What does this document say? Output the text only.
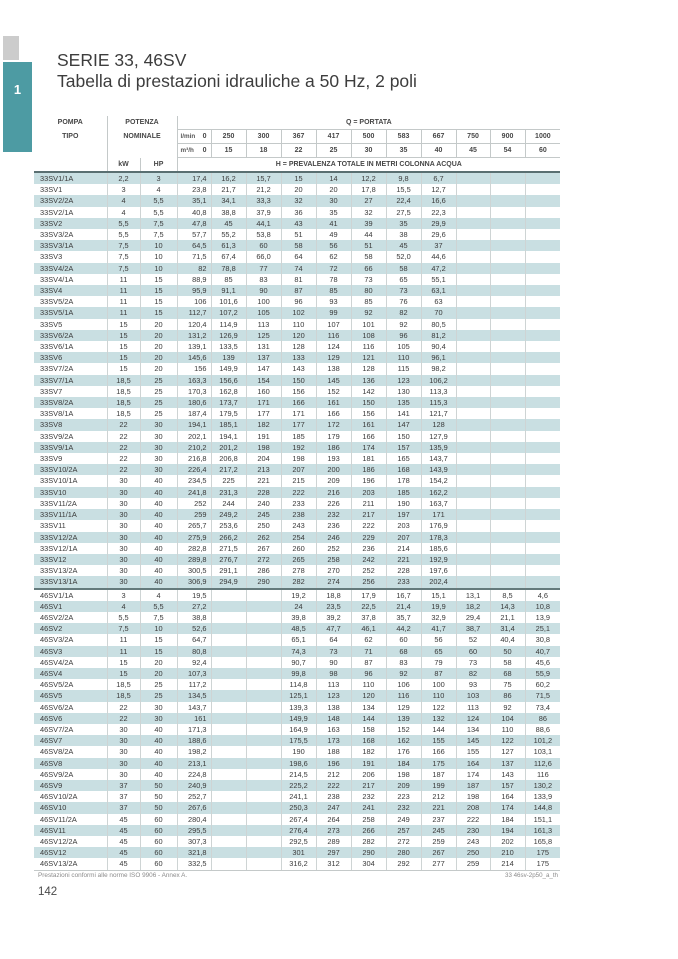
1
SERIE 33, 46SV
Tabella di prestazioni idrauliche a 50 Hz, 2 poli
POMPA	POTENZA		Q = PORTATA										
TIPO	NOMINALE		l/min 0	250	300	367	417	500	583	667	750	900	1000

			m³/h 0	15	18	22	25	30	35	40	45	54	60
	kW	HP	H = PREVALENZA TOTALE IN METRI COLONNA ACQUA										
33SV1/1A	2,2	3	17,4	16,2	15,7	15	14	12,2	9,8	6,7			
33SV1	3	4	23,8	21,7	21,2	20	20	17,8	15,5	12,7			
33SV2/2A	4	5,5	35,1	34,1	33,3	32	30	27	22,4	16,6			
33SV2/1A	4	5,5	40,8	38,8	37,9	36	35	32	27,5	22,3			
33SV2	5,5	7,5	47,8	45	44,1	43	41	39	35	29,9			
33SV3/2A	5,5	7,5	57,7	55,2	53,8	51	49	44	38	29,6			
33SV3/1A	7,5	10	64,5	61,3	60	58	56	51	45	37			
33SV3	7,5	10	71,5	67,4	66,0	64	62	58	52,0	44,6			
33SV4/2A	7,5	10	82	78,8	77	74	72	66	58	47,2			
33SV4/1A	11	15	88,9	85	83	81	78	73	65	55,1			
33SV4	11	15	95,9	91,1	90	87	85	80	73	63,1			
33SV5/2A	11	15	106	101,6	100	96	93	85	76	63			
33SV5/1A	11	15	112,7	107,2	105	102	99	92	82	70			
33SV5	15	20	120,4	114,9	113	110	107	101	92	80,5			
33SV6/2A	15	20	131,2	126,9	125	120	116	108	96	81,2			
33SV6/1A	15	20	139,1	133,5	131	128	124	116	105	90,4			
33SV6	15	20	145,6	139	137	133	129	121	110	96,1			
33SV7/2A	15	20	156	149,9	147	143	138	128	115	98,2			
33SV7/1A	18,5	25	163,3	156,6	154	150	145	136	123	106,2			
33SV7	18,5	25	170,3	162,8	160	156	152	142	130	113,3			
33SV8/2A	18,5	25	180,6	173,7	171	166	161	150	135	115,3			
33SV8/1A	18,5	25	187,4	179,5	177	171	166	156	141	121,7			
33SV8	22	30	194,1	185,1	182	177	172	161	147	128			
33SV9/2A	22	30	202,1	194,1	191	185	179	166	150	127,9			
33SV9/1A	22	30	210,2	201,2	198	192	186	174	157	135,9			
33SV9	22	30	216,8	206,8	204	198	193	181	165	143,7			
33SV10/2A	22	30	226,4	217,2	213	207	200	186	168	143,9			
33SV10/1A	30	40	234,5	225	221	215	209	196	178	154,2			
33SV10	30	40	241,8	231,3	228	222	216	203	185	162,2			
33SV11/2A	30	40	252	244	240	233	226	211	190	163,7			
33SV11/1A	30	40	259	249,2	245	238	232	217	197	171			
33SV11	30	40	265,7	253,6	250	243	236	222	203	176,9			
33SV12/2A	30	40	275,9	266,2	262	254	246	229	207	178,3			
33SV12/1A	30	40	282,8	271,5	267	260	252	236	214	185,6			
33SV12	30	40	289,8	276,7	272	265	258	242	221	192,9			
33SV13/2A	30	40	300,5	291,1	286	278	270	252	228	197,6			
33SV13/1A	30	40	306,9	294,9	290	282	274	256	233	202,4			
46SV1/1A	3	4	19,5			19,2	18,8	17,9	16,7	15,1	13,1	8,5	4,6
46SV1	4	5,5	27,2			24	23,5	22,5	21,4	19,9	18,2	14,3	10,8
46SV2/2A	5,5	7,5	38,8			39,8	39,2	37,8	35,7	32,9	29,4	21,1	13,9
46SV2	7,5	10	52,6			48,5	47,7	46,1	44,2	41,7	38,7	31,4	25,1
46SV3/2A	11	15	64,7			65,1	64	62	60	56	52	40,4	30,8
46SV3	11	15	80,8			74,3	73	71	68	65	60	50	40,7
46SV4/2A	15	20	92,4			90,7	90	87	83	79	73	58	45,6
46SV4	15	20	107,3			99,8	98	96	92	87	82	68	55,9
46SV5/2A	18,5	25	117,2			114,8	113	110	106	100	93	75	60,2
46SV5	18,5	25	134,5			125,1	123	120	116	110	103	86	71,5
46SV6/2A	22	30	143,7			139,3	138	134	129	122	113	92	73,4
46SV6	22	30	161			149,9	148	144	139	132	124	104	86
46SV7/2A	30	40	171,3			164,9	163	158	152	144	134	110	88,6
46SV7	30	40	188,6			175,5	173	168	162	155	145	122	101,2
46SV8/2A	30	40	198,2			190	188	182	176	166	155	127	103,1
46SV8	30	40	213,1			198,6	196	191	184	175	164	137	112,6
46SV9/2A	30	40	224,8			214,5	212	206	198	187	174	143	116
46SV9	37	50	240,9			225,2	222	217	209	199	187	157	130,2
46SV10/2A	37	50	252,7			241,1	238	232	223	212	198	164	133,9
46SV10	37	50	267,6			250,3	247	241	232	221	208	174	144,8
46SV11/2A	45	60	280,4			267,4	264	258	249	237	222	184	151,1
46SV11	45	60	295,5			276,4	273	266	257	245	230	194	161,3
46SV12/2A	45	60	307,3			292,5	289	282	272	259	243	202	165,8
46SV12	45	60	321,8			301	297	290	280	267	250	210	175
46SV13/2A	45	60	332,5			316,2	312	304	292	277	259	214	175
Prestazioni conformi alle norme ISO 9906 - Annex A.	33 46sv-2p50_a_th
142
